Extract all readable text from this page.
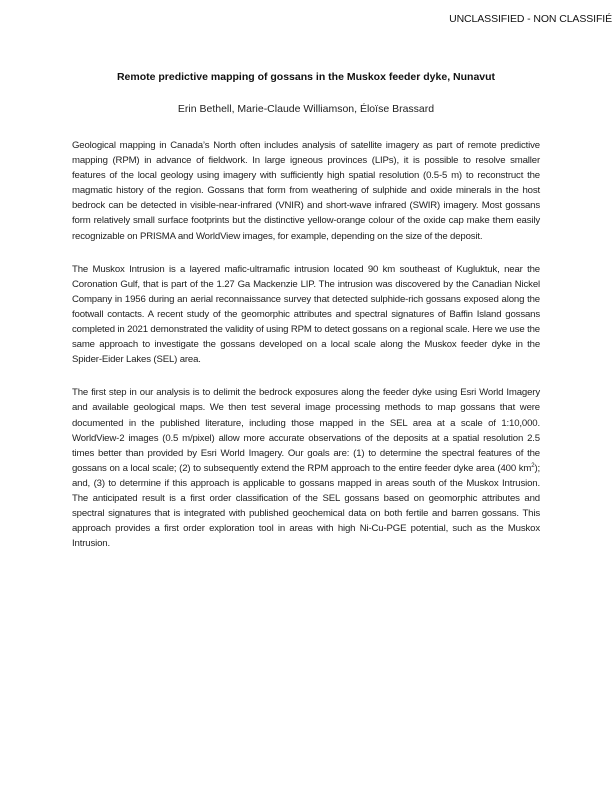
UNCLASSIFIED - NON CLASSIFIÉ
Remote predictive mapping of gossans in the Muskox feeder dyke, Nunavut
Erin Bethell, Marie-Claude Williamson, Éloïse Brassard

Geological mapping in Canada’s North often includes analysis of satellite imagery as part of remote predictive mapping (RPM) in advance of fieldwork. In large igneous provinces (LIPs), it is possible to resolve smaller features of the local geology using imagery with sufficiently high spatial resolution (0.5-5 m) to reconstruct the magmatic history of the region. Gossans that form from weathering of sulphide and oxide minerals in the host bedrock can be detected in visible-near-infrared (VNIR) and short-wave infrared (SWIR) imagery. Most gossans form relatively small surface footprints but the distinctive yellow-orange colour of the oxide cap make them easily recognizable on PRISMA and WorldView images, for example, depending on the size of the deposit.

The Muskox Intrusion is a layered mafic-ultramafic intrusion located 90 km southeast of Kugluktuk, near the Coronation Gulf, that is part of the 1.27 Ga Mackenzie LIP. The intrusion was discovered by the Canadian Nickel Company in 1956 during an aerial reconnaissance survey that detected sulphide-rich gossans exposed along the footwall contacts. A recent study of the geomorphic attributes and spectral signatures of Baffin Island gossans completed in 2021 demonstrated the validity of using RPM to detect gossans on a regional scale. Here we use the same approach to investigate the gossans developed on a local scale along the Muskox feeder dyke in the Spider-Eider Lakes (SEL) area.

The first step in our analysis is to delimit the bedrock exposures along the feeder dyke using Esri World Imagery and available geological maps. We then test several image processing methods to map gossans that were documented in the published literature, including those mapped in the SEL area at a scale of 1:10,000. WorldView-2 images (0.5 m/pixel) allow more accurate observations of the deposits at a spatial resolution 2.5 times better than provided by Esri World Imagery. Our goals are: (1) to determine the spectral features of the gossans on a local scale; (2) to subsequently extend the RPM approach to the entire feeder dyke area (400 $km^2$); and, (3) to determine if this approach is applicable to gossans mapped in areas south of the Muskox Intrusion. The anticipated result is a first order classification of the SEL gossans based on geomorphic attributes and spectral signatures that is integrated with published geochemical data on both fertile and barren gossans. This approach provides a first order exploration tool in areas with high Ni-Cu-PGE potential, such as the Muskox Intrusion.
